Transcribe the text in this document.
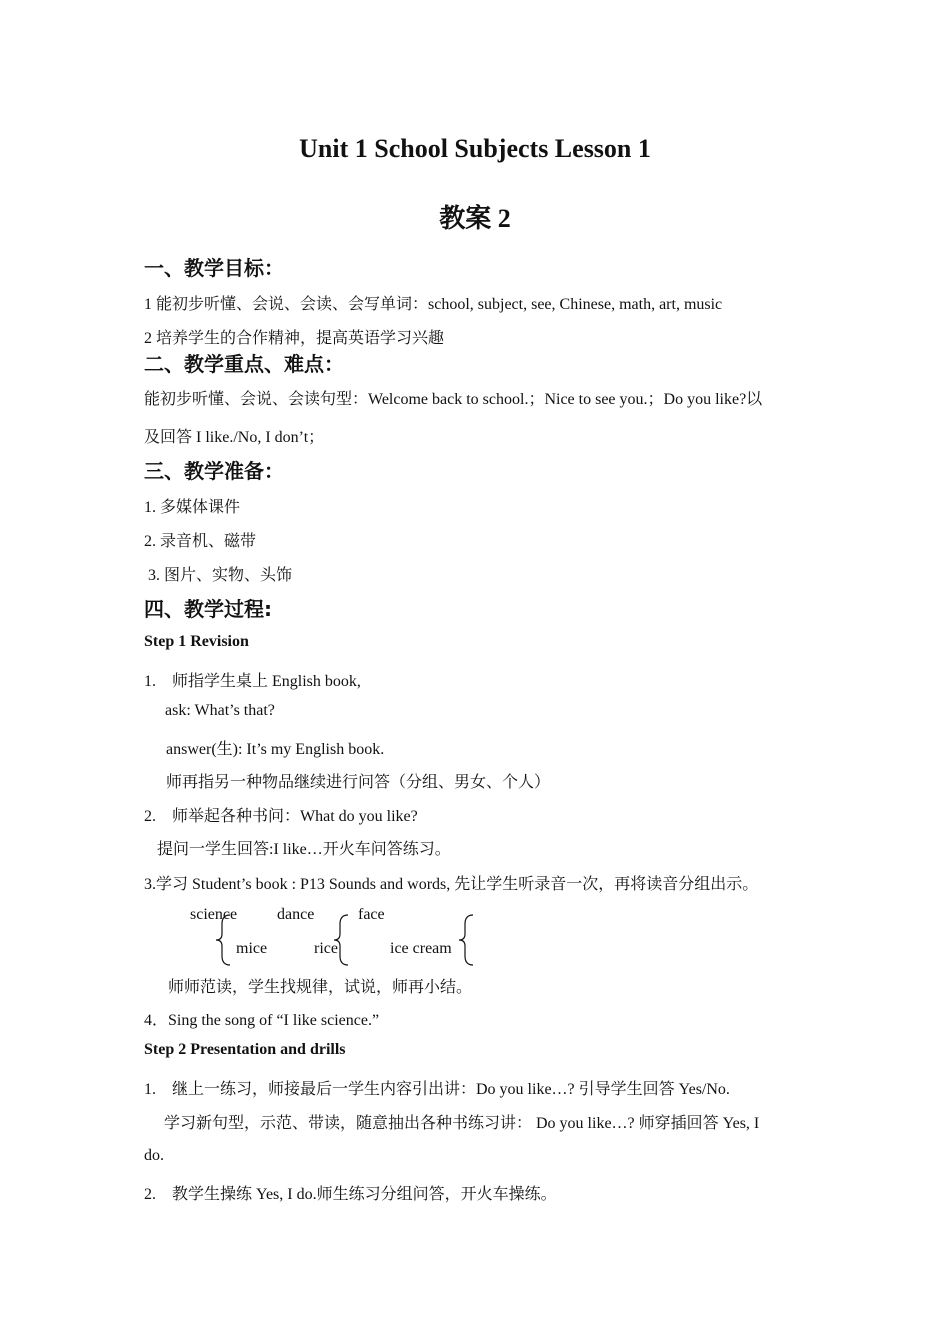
Unit 1 School Subjects Lesson 1
教案 2
一、教学目标：
1 能初步听懂、会说、会读、会写单词：school, subject, see, Chinese, math, art, music
2 培养学生的合作精神，提高英语学习兴趣
二、教学重点、难点：
能初步听懂、会说、会读句型：Welcome back to school.；Nice to see you.；Do you like?以
及回答 I like./No, I don’t；
三、教学准备：
1. 多媒体课件
2. 录音机、磁带
3. 图片、实物、头饰
四、教学过程:
Step 1 Revision
1.　师指学生桌上 English book,
ask: What’s that?
answer(生): It’s my English book.
师再指另一种物品继续进行问答（分组、男女、个人）
2.　师举起各种书问：What do you like?
提问一学生回答:I like…开火车问答练习。
3.学习 Student’s book : P13 Sounds and words, 先让学生听录音一次，再将读音分组出示。
science dance	face
mice	rice	ice cream
师师范读，学生找规律，试说，师再小结。
4．Sing the song of “I like science.”
Step 2 Presentation and drills
1.　继上一练习，师接最后一学生内容引出讲：Do you like…? 引导学生回答 Yes/No.
学习新句型，示范、带读，随意抽出各种书练习讲： Do you like…? 师穿插回答 Yes, I
do.
2.　教学生操练 Yes, I do.师生练习分组问答，开火车操练。
